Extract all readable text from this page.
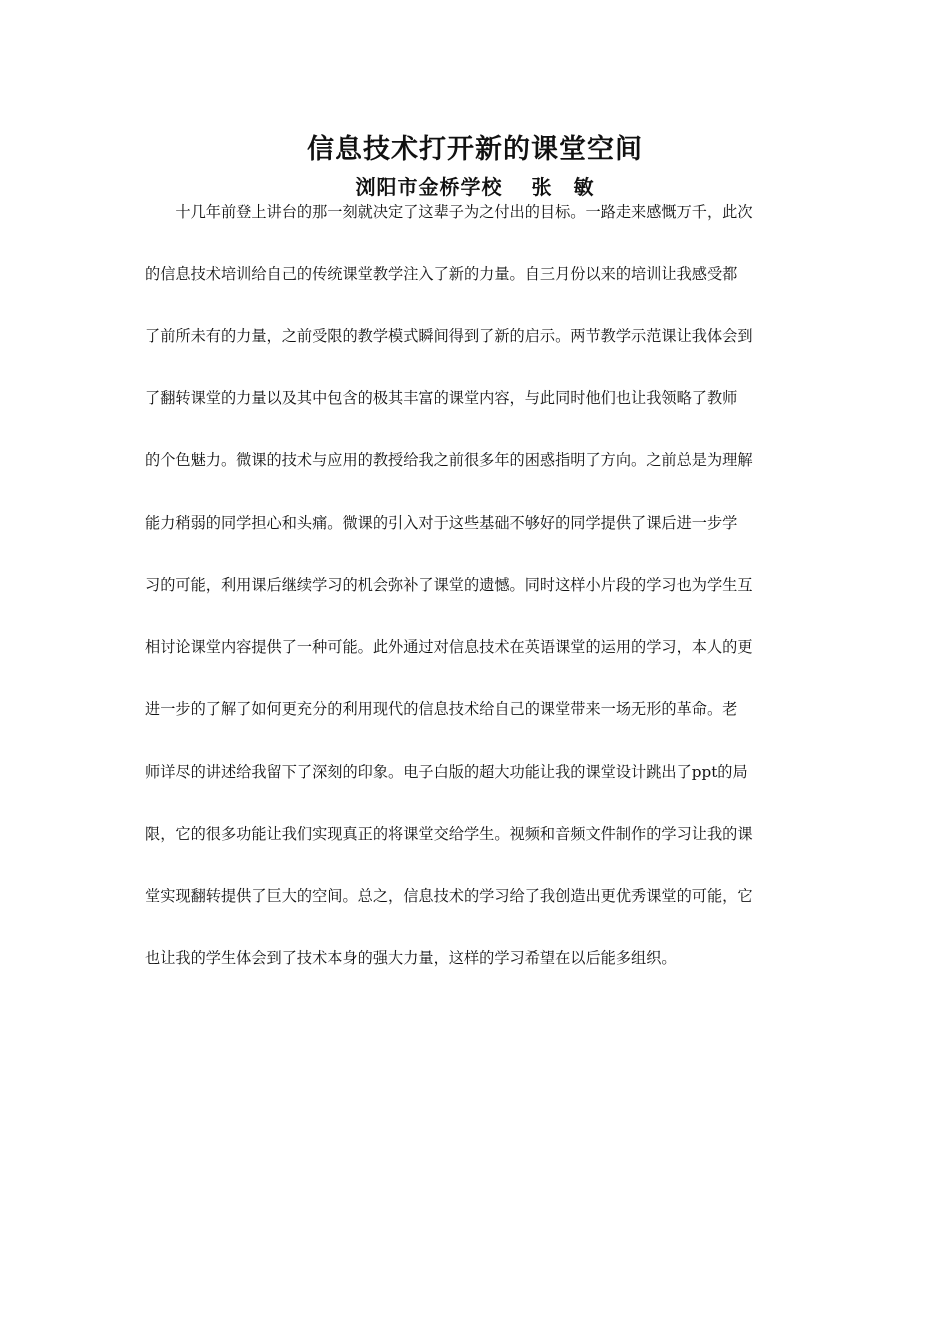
信息技术打开新的课堂空间

浏阳市金桥学校　 张　敏

　　十几年前登上讲台的那一刻就决定了这辈子为之付出的目标。一路走来感慨万千，此次

的信息技术培训给自己的传统课堂教学注入了新的力量。自三月份以来的培训让我感受都

了前所未有的力量，之前受限的教学模式瞬间得到了新的启示。两节教学示范课让我体会到

了翻转课堂的力量以及其中包含的极其丰富的课堂内容，与此同时他们也让我领略了教师

的个色魅力。微课的技术与应用的教授给我之前很多年的困惑指明了方向。之前总是为理解

能力稍弱的同学担心和头痛。微课的引入对于这些基础不够好的同学提供了课后进一步学

习的可能，利用课后继续学习的机会弥补了课堂的遗憾。同时这样小片段的学习也为学生互

相讨论课堂内容提供了一种可能。此外通过对信息技术在英语课堂的运用的学习，本人的更

进一步的了解了如何更充分的利用现代的信息技术给自己的课堂带来一场无形的革命。老

师详尽的讲述给我留下了深刻的印象。电子白版的超大功能让我的课堂设计跳出了ppt的局

限，它的很多功能让我们实现真正的将课堂交给学生。视频和音频文件制作的学习让我的课

堂实现翻转提供了巨大的空间。总之，信息技术的学习给了我创造出更优秀课堂的可能，它

也让我的学生体会到了技术本身的强大力量，这样的学习希望在以后能多组织。
